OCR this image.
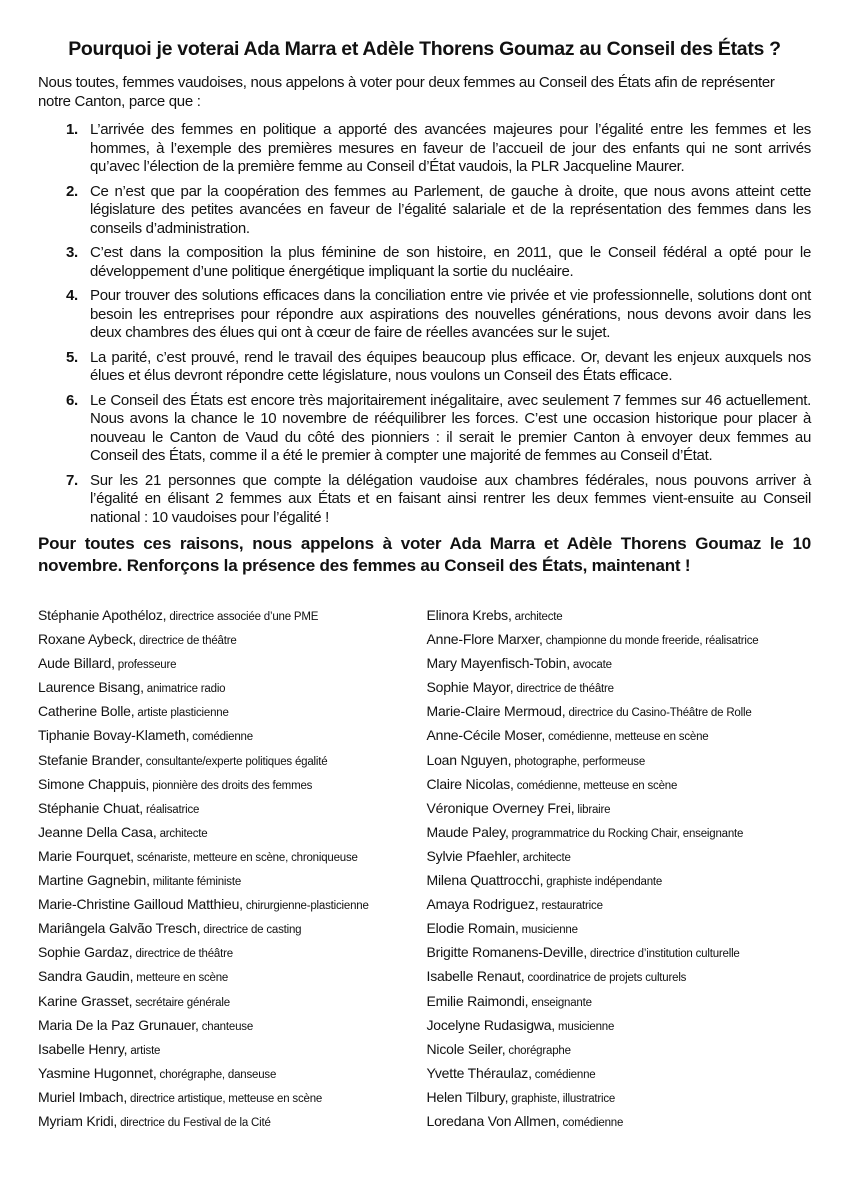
Pourquoi je voterai Ada Marra et Adèle Thorens Goumaz au Conseil des États ?

Nous toutes, femmes vaudoises, nous appelons à voter pour deux femmes au Conseil des États afin de représenter notre Canton, parce que :

1. L’arrivée des femmes en politique a apporté des avancées majeures pour l’égalité entre les femmes et les hommes, à l’exemple des premières mesures en faveur de l’accueil de jour des enfants qui ne sont arrivés qu’avec l’élection de la première femme au Conseil d’État vaudois, la PLR Jacqueline Maurer.
2. Ce n’est que par la coopération des femmes au Parlement, de gauche à droite, que nous avons atteint cette législature des petites avancées en faveur de l’égalité salariale et de la représentation des femmes dans les conseils d’administration.
3. C’est dans la composition la plus féminine de son histoire, en 2011, que le Conseil fédéral a opté pour le développement d’une politique énergétique impliquant la sortie du nucléaire.
4. Pour trouver des solutions efficaces dans la conciliation entre vie privée et vie professionnelle, solutions dont ont besoin les entreprises pour répondre aux aspirations des nouvelles générations, nous devons avoir dans les deux chambres des élues qui ont à cœur de faire de réelles avancées sur le sujet.
5. La parité, c’est prouvé, rend le travail des équipes beaucoup plus efficace. Or, devant les enjeux auxquels nos élues et élus devront répondre cette législature, nous voulons un Conseil des États efficace.
6. Le Conseil des États est encore très majoritairement inégalitaire, avec seulement 7 femmes sur 46 actuellement. Nous avons la chance le 10 novembre de rééquilibrer les forces. C’est une occasion historique pour placer à nouveau le Canton de Vaud du côté des pionniers : il serait le premier Canton à envoyer deux femmes au Conseil des États, comme il a été le premier à compter une majorité de femmes au Conseil d’État.
7. Sur les 21 personnes que compte la délégation vaudoise aux chambres fédérales, nous pouvons arriver à l’égalité en élisant 2 femmes aux États et en faisant ainsi rentrer les deux femmes vient-ensuite au Conseil national : 10 vaudoises pour l’égalité !

Pour toutes ces raisons, nous appelons à voter Ada Marra et Adèle Thorens Goumaz le 10 novembre. Renforçons la présence des femmes au Conseil des États, maintenant !

Stéphanie Apothéloz, directrice associée d’une PME
Roxane Aybeck, directrice de théâtre
Aude Billard, professeure
Laurence Bisang, animatrice radio
Catherine Bolle, artiste plasticienne
Tiphanie Bovay-Klameth, comédienne
Stefanie Brander, consultante/experte politiques égalité
Simone Chappuis, pionnière des droits des femmes
Stéphanie Chuat, réalisatrice
Jeanne Della Casa, architecte
Marie Fourquet, scénariste, metteure en scène, chroniqueuse
Martine Gagnebin, militante féministe
Marie-Christine Gailloud Matthieu, chirurgienne-plasticienne
Mariângela Galvão Tresch, directrice de casting
Sophie Gardaz, directrice de théâtre
Sandra Gaudin, metteure en scène
Karine Grasset, secrétaire générale
Maria De la Paz Grunauer, chanteuse
Isabelle Henry, artiste
Yasmine Hugonnet, chorégraphe, danseuse
Muriel Imbach, directrice artistique, metteuse en scène
Myriam Kridi, directrice du Festival de la Cité
Elinora Krebs, architecte
Anne-Flore Marxer, championne du monde freeride, réalisatrice
Mary Mayenfisch-Tobin, avocate
Sophie Mayor, directrice de théâtre
Marie-Claire Mermoud, directrice du Casino-Théâtre de Rolle
Anne-Cécile Moser, comédienne, metteuse en scène
Loan Nguyen, photographe, performeuse
Claire Nicolas, comédienne, metteuse en scène
Véronique Overney Frei, libraire
Maude Paley, programmatrice du Rocking Chair, enseignante
Sylvie Pfaehler, architecte
Milena Quattrocchi, graphiste indépendante
Amaya Rodriguez, restauratrice
Elodie Romain, musicienne
Brigitte Romanens-Deville, directrice d’institution culturelle
Isabelle Renaut, coordinatrice de projets culturels
Emilie Raimondi, enseignante
Jocelyne Rudasigwa, musicienne
Nicole Seiler, chorégraphe
Yvette Théraulaz, comédienne
Helen Tilbury, graphiste, illustratrice
Loredana Von Allmen, comédienne
